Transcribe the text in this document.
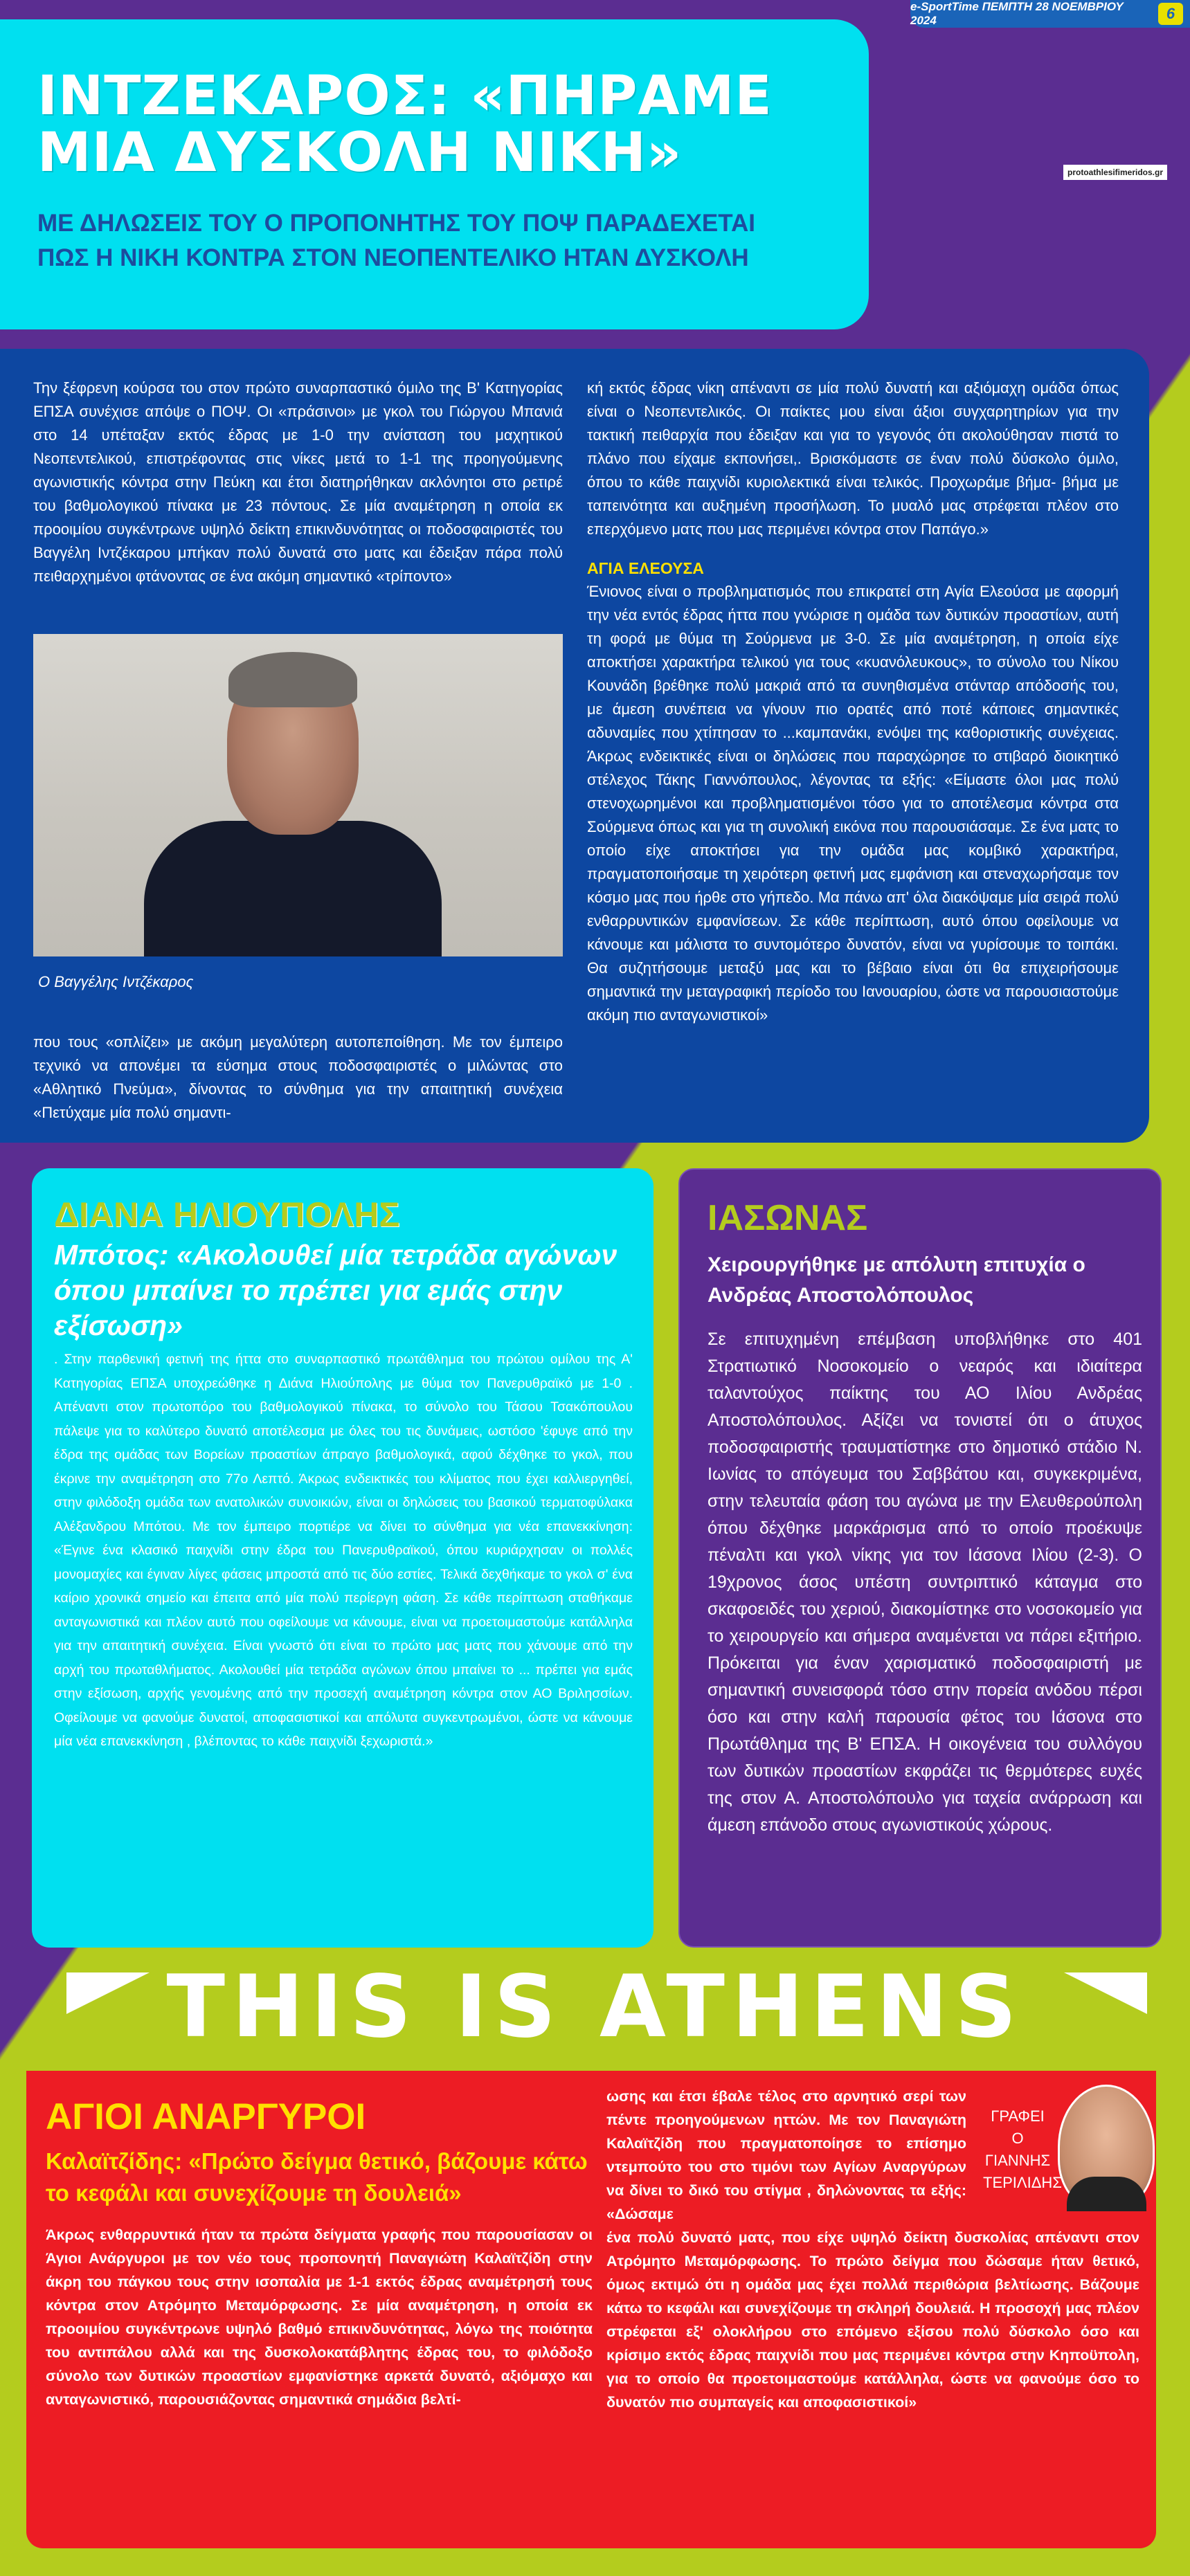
e-SportTime ΠΕΜΠΤΗ 28 ΝΟΕΜΒΡΙΟΥ 2024	6
ΙΝΤΖΕΚΑΡΟΣ: «ΠΗΡΑΜΕ
ΜΙΑ ΔΥΣΚΟΛΗ ΝΙΚΗ»
ΜΕ ΔΗΛΩΣΕΙΣ ΤΟΥ Ο ΠΡΟΠΟΝΗΤΗΣ ΤΟΥ ΠΟΨ ΠΑΡΑΔΕΧΕΤΑΙ
ΠΩΣ Η ΝΙΚΗ ΚΟΝΤΡΑ ΣΤΟΝ ΝΕΟΠΕΝΤΕΛΙΚΟ ΗΤΑΝ ΔΥΣΚΟΛΗ
protoathlesifimeridos.gr
Την ξέφρενη κούρσα του στον πρώτο συναρπαστικό όμιλο της Β' Κατηγορίας ΕΠΣΑ συνέχισε απόψε ο ΠΟΨ. Οι «πράσινοι» με γκολ του Γιώργου Μπανιά στο 14 υπέταξαν εκτός έδρας με 1-0 την ανίσταση του μαχητικού Νεοπεντελικού, επιστρέφοντας στις νίκες μετά το 1-1 της προηγούμενης αγωνιστικής κόντρα στην Πεύκη και έτσι διατηρήθηκαν ακλόνητοι στο ρετιρέ του βαθμολογικού πίνακα με 23 πόντους. Σε μία αναμέτρηση η οποία εκ προοιμίου συγκέντρωνε υψηλό δείκτη επικινδυνότητας οι ποδοσφαιριστές του Βαγγέλη Ιντζέκαρου μπήκαν πολύ δυνατά στο ματς και έδειξαν πάρα πολύ πειθαρχημένοι φτάνοντας σε ένα ακόμη σημαντικό «τρίποντο»
Ο Βαγγέλης Ιντζέκαρος
που τους «οπλίζει» με ακόμη μεγαλύτερη αυτοπεποίθηση. Με τον έμπειρο τεχνικό να απονέμει τα εύσημα στους ποδοσφαιριστές ο μιλώντας στο «Αθλητικό Πνεύμα», δίνοντας το σύνθημα για την απαιτητική συνέχεια «Πετύχαμε μία πολύ σημαντι-
κή εκτός έδρας νίκη απέναντι σε μία πολύ δυνατή και αξιόμαχη ομάδα όπως είναι ο Νεοπεντελικός. Οι παίκτες μου είναι άξιοι συγχαρητηρίων για την τακτική πειθαρχία που έδειξαν και για το γεγονός ότι ακολούθησαν πιστά το πλάνο που είχαμε εκπονήσει,. Βρισκόμαστε σε έναν πολύ δύσκολο όμιλο, όπου το κάθε παιχνίδι κυριολεκτικά είναι τελικός. Προχωράμε βήμα- βήμα με ταπεινότητα και αυξημένη προσήλωση. Το μυαλό μας στρέφεται πλέον στο επερχόμενο ματς που μας περιμένει κόντρα στον Παπάγο.»
ΑΓΙΑ ΕΛΕΟΥΣΑ
Ένιονος είναι ο προβληματισμός που επικρατεί στη Αγία Ελεούσα με αφορμή την νέα εντός έδρας ήττα που γνώρισε η ομάδα των δυτικών προαστίων, αυτή τη φορά με θύμα τη Σούρμενα με 3-0. Σε μία αναμέτρηση, η οποία είχε αποκτήσει χαρακτήρα τελικού για τους «κυανόλευκους», το σύνολο του Νίκου Κουνάδη βρέθηκε πολύ μακριά από τα συνηθισμένα στάνταρ απόδοσής του, με άμεση συνέπεια να γίνουν πιο ορατές από ποτέ κάποιες σημαντικές αδυναμίες που χτίπησαν το ...καμπανάκι, ενόψει της καθοριστικής συνέχειας. Άκρως ενδεικτικές είναι οι δηλώσεις που παραχώρησε το στιβαρό διοικητικό στέλεχος Τάκης Γιαννόπουλος, λέγοντας τα εξής: «Είμαστε όλοι μας πολύ στενοχωρημένοι και προβληματισμένοι τόσο για το αποτέλεσμα κόντρα στα Σούρμενα όπως και για τη συνολική εικόνα που παρουσιάσαμε. Σε ένα ματς το οποίο είχε αποκτήσει για την ομάδα μας κομβικό χαρακτήρα, πραγματοποιήσαμε τη χειρότερη φετινή μας εμφάνιση και στεναχωρήσαμε τον κόσμο μας που ήρθε στο γήπεδο. Μα πάνω απ' όλα διακόψαμε μία σειρά πολύ ενθαρρυντικών εμφανίσεων. Σε κάθε περίπτωση, αυτό όπου οφείλουμε να κάνουμε και μάλιστα το συντομότερο δυνατόν, είναι να γυρίσουμε το τοιπάκι. Θα συζητήσουμε μεταξύ μας και το βέβαιο είναι ότι θα επιχειρήσουμε σημαντικά την μεταγραφική περίοδο του Ιανουαρίου, ώστε να παρουσιαστούμε ακόμη πιο ανταγωνιστικοί»
ΔΙΑΝΑ ΗΛΙΟΥΠΟΛΗΣ
Μπότος: «Ακολουθεί μία τετράδα αγώνων όπου μπαίνει το πρέπει για εμάς στην εξίσωση»

. Στην παρθενική φετινή της ήττα στο συναρπαστικό πρωτάθλημα του πρώτου ομίλου της Α' Κατηγορίας ΕΠΣΑ υποχρεώθηκε η Διάνα Ηλιούπολης με θύμα τον Πανερυθραϊκό με 1-0 . Απέναντι στον πρωτοπόρο του βαθμολογικού πίνακα, το σύνολο του Τάσου Τσακόπουλου πάλεψε για το καλύτερο δυνατό αποτέλεσμα με όλες του τις δυνάμεις, ωστόσο 'έφυγε από την έδρα της ομάδας των Βορείων προαστίων άπραγο βαθμολογικά, αφού δέχθηκε το γκολ, που έκρινε την αναμέτρηση στο 77ο Λεπτό. Άκρως ενδεικτικές του κλίματος που έχει καλλιεργηθεί, στην φιλόδοξη ομάδα των ανατολικών συνοικιών, είναι οι δηλώσεις του βασικού τερματοφύλακα Αλέξανδρου Μπότου. Με τον έμπειρο πορτιέρε να δίνει το σύνθημα για νέα επανεκκίνηση: «Έγινε ένα κλασικό παιχνίδι στην έδρα του Πανερυθραϊκού, όπου κυριάρχησαν οι πολλές μονομαχίες και έγιναν λίγες φάσεις μπροστά από τις δύο εστίες. Τελικά δεχθήκαμε το γκολ σ' ένα καίριο χρονικά σημείο και έπειτα από μία πολύ περίεργη φάση. Σε κάθε περίπτωση σταθήκαμε ανταγωνιστικά και πλέον αυτό που οφείλουμε να κάνουμε, είναι να προετοιμαστούμε κατάλληλα για την απαιτητική συνέχεια. Είναι γνωστό ότι είναι το πρώτο μας ματς που χάνουμε από την αρχή του πρωταθλήματος. Ακολουθεί μία τετράδα αγώνων όπου μπαίνει το ... πρέπει για εμάς στην εξίσωση, αρχής γενομένης από την προσεχή αναμέτρηση κόντρα στον ΑΟ Βριλησσίων. Οφείλουμε να φανούμε δυνατοί, αποφασιστικοί και απόλυτα συγκεντρωμένοι, ώστε να κάνουμε μία νέα επανεκκίνηση , βλέποντας το κάθε παιχνίδι ξεχωριστά.»

ΙΑΣΩΝΑΣ
Χειρουργήθηκε με απόλυτη επιτυχία ο Ανδρέας Αποστολόπουλος

Σε επιτυχημένη επέμβαση υποβλήθηκε στο 401 Στρατιωτικό Νοσοκομείο ο νεαρός και ιδιαίτερα ταλαντούχος παίκτης του ΑΟ Ιλίου Ανδρέας Αποστολόπουλος. Αξίζει να τονιστεί ότι ο άτυχος ποδοσφαιριστής τραυματίστηκε στο δημοτικό στάδιο Ν. Ιωνίας το απόγευμα του Σαββάτου και, συγκεκριμένα, στην τελευταία φάση του αγώνα με την Ελευθερούπολη όπου δέχθηκε μαρκάρισμα από το οποίο προέκυψε πέναλτι και γκολ νίκης για τον Ιάσονα Ιλίου (2-3). Ο 19χρονος άσος υπέστη συντριπτικό κάταγμα στο σκαφοειδές του χεριού, διακομίστηκε στο νοσοκομείο για το χειρουργείο και σήμερα αναμένεται να πάρει εξιτήριο. Πρόκειται για έναν χαρισματικό ποδοσφαιριστή με σημαντική συνεισφορά τόσο στην πορεία ανόδου πέρσι όσο και στην καλή παρουσία φέτος του Ιάσονα στο Πρωτάθλημα της Β' ΕΠΣΑ. Η οικογένεια του συλλόγου των δυτικών προαστίων εκφράζει τις θερμότερες ευχές της στον Α. Αποστολόπουλο για ταχεία ανάρρωση και άμεση επάνοδο στους αγωνιστικούς χώρους.

THIS IS ATHENS
ΑΓΙΟΙ ΑΝΑΡΓΥΡΟΙ
Καλαϊτζίδης: «Πρώτο δείγμα θετικό, βάζουμε κάτω το κεφάλι και συνεχίζουμε τη δουλειά»
Άκρως ενθαρρυντικά ήταν τα πρώτα δείγματα γραφής που παρουσίασαν οι Άγιοι Ανάργυροι με τον νέο τους προπονητή Παναγιώτη Καλαϊτζίδη στην άκρη του πάγκου τους στην ισοπαλία με 1-1 εκτός έδρας αναμέτρησή τους κόντρα στον Ατρόμητο Μεταμόρφωσης. Σε μία αναμέτρηση, η οποία εκ προοιμίου συγκέντρωνε υψηλό βαθμό επικινδυνότητας, λόγω της ποιότητα του αντιπάλου αλλά και της δυσκολοκατάβλητης έδρας του, το φιλόδοξο σύνολο των δυτικών προαστίων εμφανίστηκε αρκετά δυνατό, αξιόμαχο και ανταγωνιστικό, παρουσιάζοντας σημαντικά σημάδια βελτί-
ωσης και έτσι έβαλε τέλος στο αρνητικό σερί των πέντε προηγούμενων ηττών. Με τον Παναγιώτη Καλαϊτζίδη που πραγματοποίησε το επίσημο ντεμπούτο του στο τιμόνι των Αγίων Αναργύρων να δίνει το δικό του στίγμα , δηλώνοντας τα εξής: «Δώσαμε
ένα πολύ δυνατό ματς, που είχε υψηλό δείκτη δυσκολίας απέναντι στον Ατρόμητο Μεταμόρφωσης. Το πρώτο δείγμα που δώσαμε ήταν θετικό, όμως εκτιμώ ότι η ομάδα μας έχει πολλά περιθώρια βελτίωσης. Βάζουμε κάτω το κεφάλι και συνεχίζουμε τη σκληρή δουλειά. Η προσοχή μας πλέον στρέφεται εξ' ολοκλήρου στο επόμενο εξίσου πολύ δύσκολο όσο και κρίσιμο εκτός έδρας παιχνίδι που μας περιμένει κόντρα στην Κηποϋπολη, για το οποίο θα προετοιμαστούμε κατάλληλα, ώστε να φανούμε όσο το δυνατόν πιο συμπαγείς και αποφασιστικοί»
ΓΡΑΦΕΙ Ο ΓΙΑΝΝΗΣ ΤΕΡΙΛΙΔΗΣ
